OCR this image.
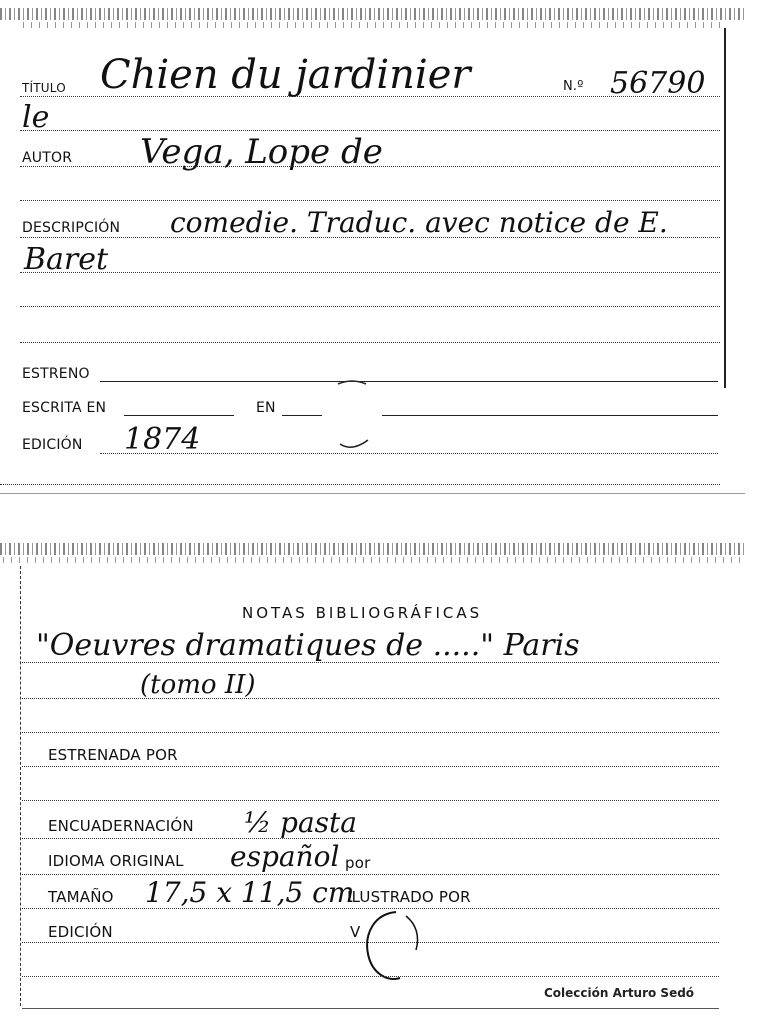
TÍTULO Chien du jardinier	N.º 56790
le
AUTOR Vega, Lope de
DESCRIPCIÓN comedie. Traduc. avec notice de E.
Baret
ESTRENO
ESCRITA EN	EN
EDICIÓN 1874
NOTAS BIBLIOGRÁFICAS
"Oeuvres dramatiques de ....." Paris
(tomo II)
ESTRENADA POR
ENCUADERNACIÓN ½ pasta
IDIOMA ORIGINAL español por
TAMAÑO 17,5 x 11,5 cm
ILUSTRADO POR
EDICIÓN	V
Colección Arturo Sedó
